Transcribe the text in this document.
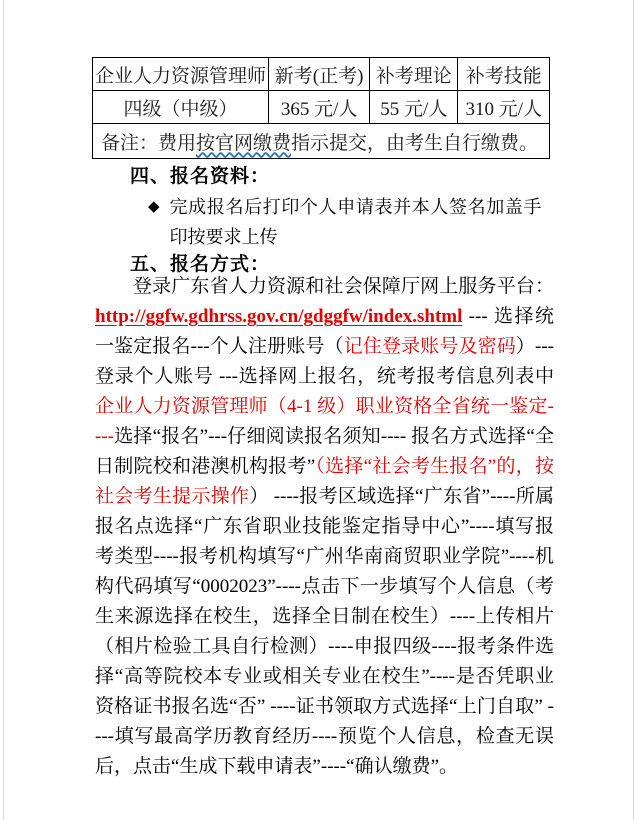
企业人力资源管理师	新考(正考)	补考理论	补考技能
四级（中级）	365 元/人	55 元/人	310 元/人
备注：费用按官网缴费指示提交，由考生自行缴费。			
四、报名资料：
◆ 完成报名后打印个人申请表并本人签名加盖手印按要求上传
五、报名方式：

登录广东省人力资源和社会保障厅网上服务平台：http://ggfw.gdhrss.gov.cn/gdggfw/index.shtml --- 选择统一鉴定报名---个人注册账号（记住登录账号及密码）---登录个人账号 ---选择网上报名，统考报考信息列表中企业人力资源管理师（4-1 级）职业资格全省统一鉴定----选择“报名”---仔细阅读报名须知---- 报名方式选择“全日制院校和港澳机构报考”（选择“社会考生报名”的，按社会考生提示操作） ----报考区域选择“广东省”----所属报名点选择“广东省职业技能鉴定指导中心”----填写报考类型----报考机构填写“广州华南商贸职业学院”----机构代码填写“0002023”----点击下一步填写个人信息（考生来源选择在校生，选择全日制在校生）----上传相片（相片检验工具自行检测）----申报四级----报考条件选择“高等院校本专业或相关专业在校生”----是否凭职业资格证书报名选“否” ----证书领取方式选择“上门自取” ----填写最高学历教育经历----预览个人信息，检查无误后，点击“生成下载申请表”----“确认缴费”。
